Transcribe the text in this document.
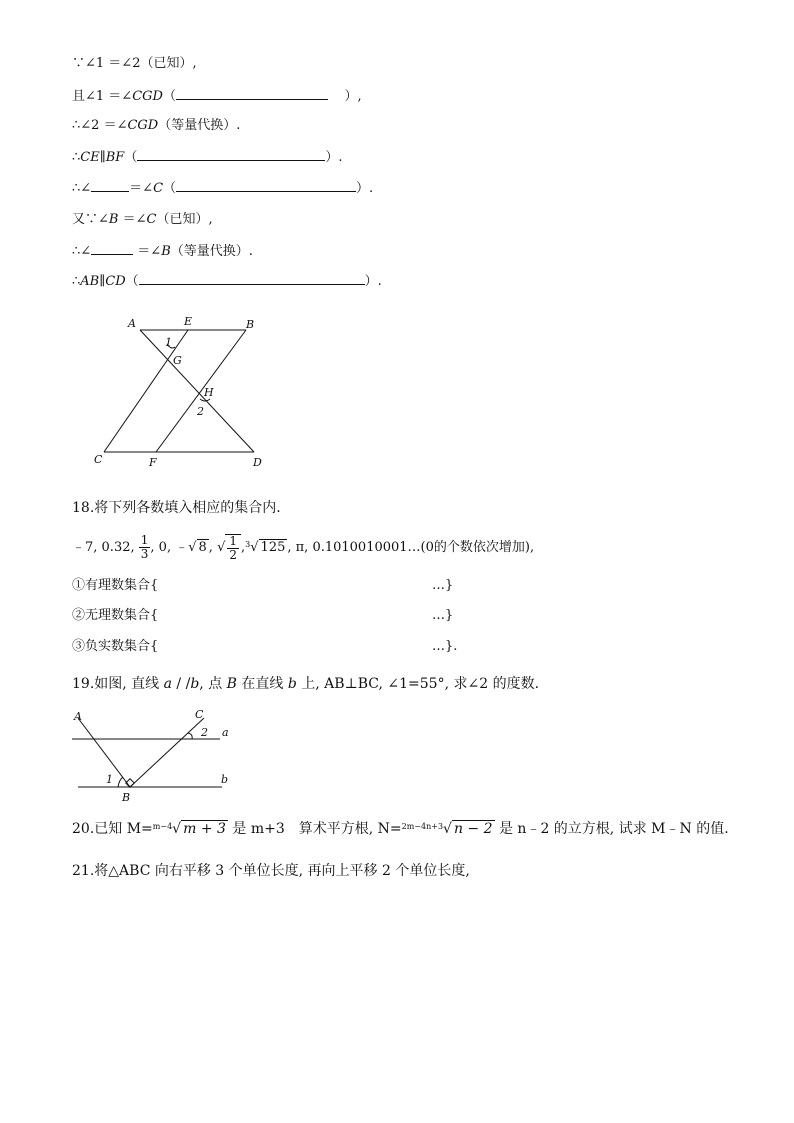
∵∠1 ＝∠2（已知）,
且∠1 ＝∠CGD（	）,
∴∠2 ＝∠CGD（等量代换）.
∴CE∥BF（	）.
∴∠	＝∠C（	）.
又∵∠B ＝∠C（已知）,
∴∠	＝∠B（等量代换）.
∴AB∥CD（	）.
A	E	B
1
G
H
2
C	F	D
18.将下列各数填入相应的集合内.
﹣7, 0.32, $\frac{1}{3}$ , 0, ﹣√ 8 , √ $\frac{1}{2} ,^3√$ 125 , π, 0.1010010001…(0的个数依次增加),
①有理数集合{	…}
②无理数集合{	…}
③负实数集合{	…}.
19.如图, 直线 a / /b, 点 B 在直线 b 上, AB⊥BC, ∠1=55°, 求∠2 的度数.
A	C
2 a
1
B
b
20.已知 M=$^{m-4}$√ m + 3 是 m+3　算术平方根, N=$^{2m-4n+3}$√ n − 2 是 n﹣2 的立方根, 试求 M﹣N 的值.
21.将△ABC 向右平移 3 个单位长度, 再向上平移 2 个单位长度,
